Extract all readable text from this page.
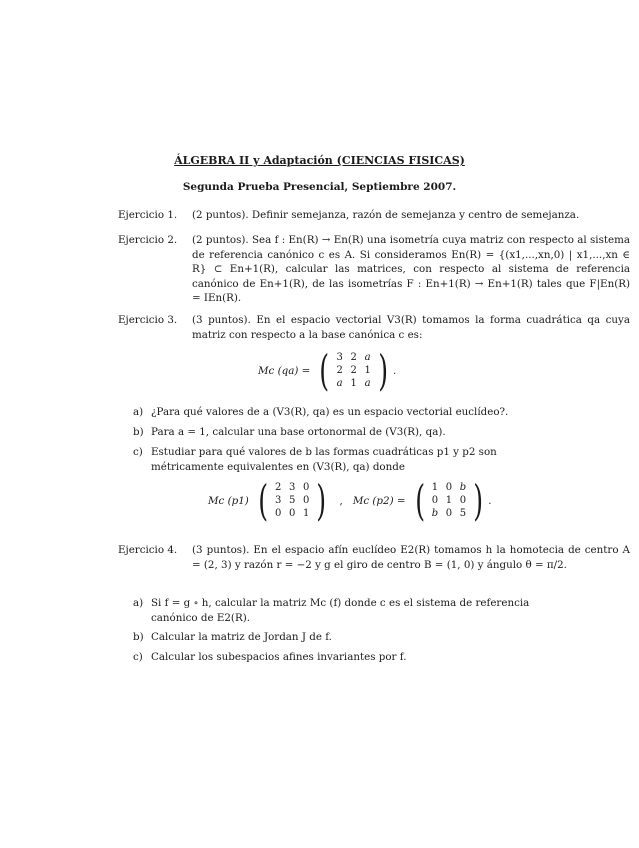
ÁLGEBRA II y Adaptación (CIENCIAS FISICAS)
Segunda Prueba Presencial, Septiembre 2007.
Ejercicio 1. (2 puntos). Definir semejanza, razón de semejanza y centro de semejanza.
Ejercicio 2. (2 puntos). Sea f : En(R) → En(R) una isometría cuya matriz con respecto al sistema de referencia canónico c es A. Si consideramos En(R) = {(x1,...,xn,0) | x1,...,xn ∈ R} ⊂ En+1(R), calcular las matrices, con respecto al sistema de referencia canónico de En+1(R), de las isometrías F : En+1(R) → En+1(R) tales que F|En(R) = IEn(R).
Ejercicio 3. (3 puntos). En el espacio vectorial V3(R) tomamos la forma cuadrática qa cuya matriz con respecto a la base canónica c es:
Mc (qa) = ( 3 2 a
2 2 1
a 1 a ) .
a) ¿Para qué valores de a (V3(R), qa) es un espacio vectorial euclídeo?.
b) Para a = 1, calcular una base ortonormal de (V3(R), qa).
c) Estudiar para qué valores de b las formas cuadráticas p1 y p2 son métricamente equivalentes en (V3(R), qa) donde
Mc (p1) ( 2 3 0
3 5 0
0 0 1 ) , Mc (p2) = ( 1 0 b
0 1 0
b 0 5 ) .
Ejercicio 4. (3 puntos). En el espacio afín euclídeo E2(R) tomamos h la homotecia de centro A = (2, 3) y razón r = −2 y g el giro de centro B = (1, 0) y ángulo θ = π/2.
a) Si f = g ∘ h, calcular la matriz Mc (f) donde c es el sistema de referencia canónico de E2(R).
b) Calcular la matriz de Jordan J de f.
c) Calcular los subespacios afines invariantes por f.
